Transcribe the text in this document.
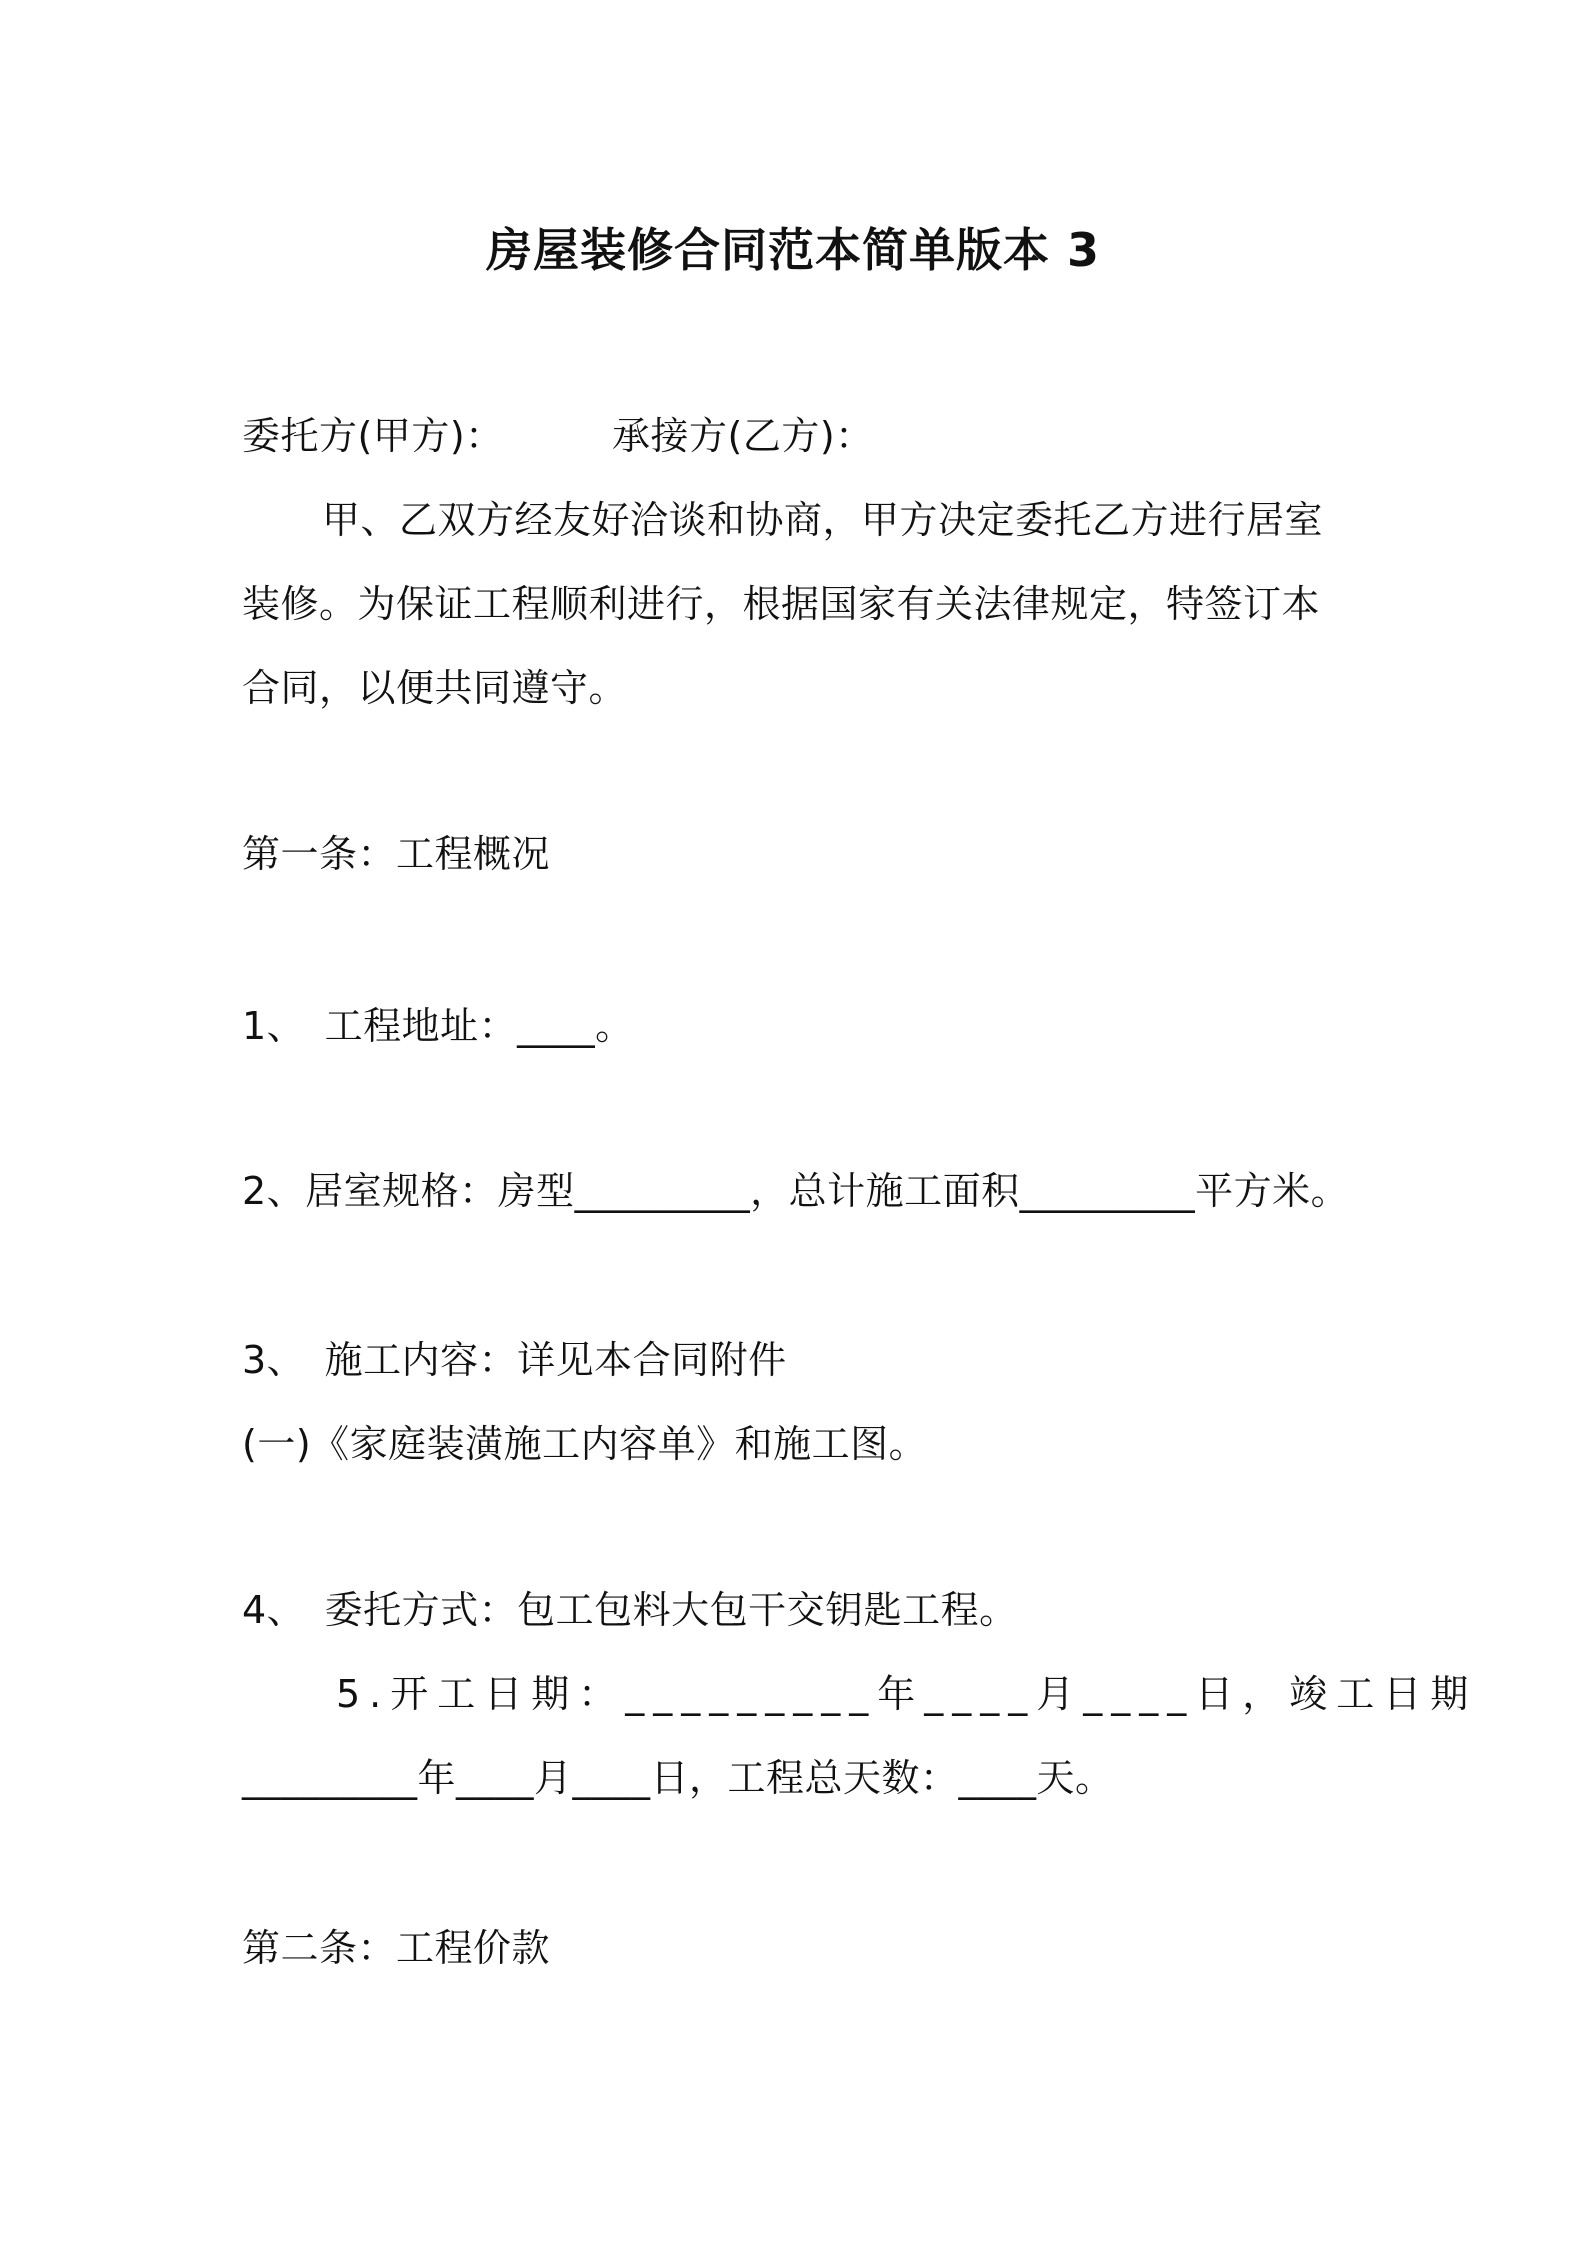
房屋装修合同范本简单版本 3
委托方(甲方)：	承接方(乙方)：
甲、乙双方经友好洽谈和协商，甲方决定委托乙方进行居室
装修。为保证工程顺利进行，根据国家有关法律规定，特签订本
合同，以便共同遵守。
第一条：工程概况
1、　工程地址：____。
2、居室规格：房型_________，总计施工面积_________平方米。
3、　施工内容：详见本合同附件
(一)《家庭装潢施工内容单》和施工图。
4、　委托方式：包工包料大包干交钥匙工程。
5.开工日期：_________年____月____日，竣工日期
_________年____月____日，工程总天数：____天。
第二条：工程价款
